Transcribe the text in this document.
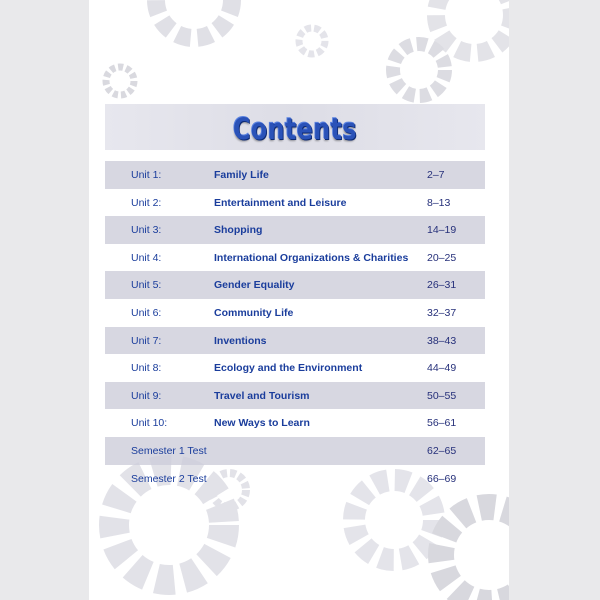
Contents
Unit 1:	Family Life	2–7
Unit 2:	Entertainment and Leisure	8–13
Unit 3:	Shopping	14–19
Unit 4:	International Organizations & Charities 20–25
Unit 5:	Gender Equality	26–31
Unit 6:	Community Life	32–37
Unit 7:	Inventions	38–43
Unit 8:	Ecology and the Environment	44–49
Unit 9:	Travel and Tourism	50–55
Unit 10:	New Ways to Learn	56–61
Semester 1 Test	62–65
Semester 2 Test	66–69
